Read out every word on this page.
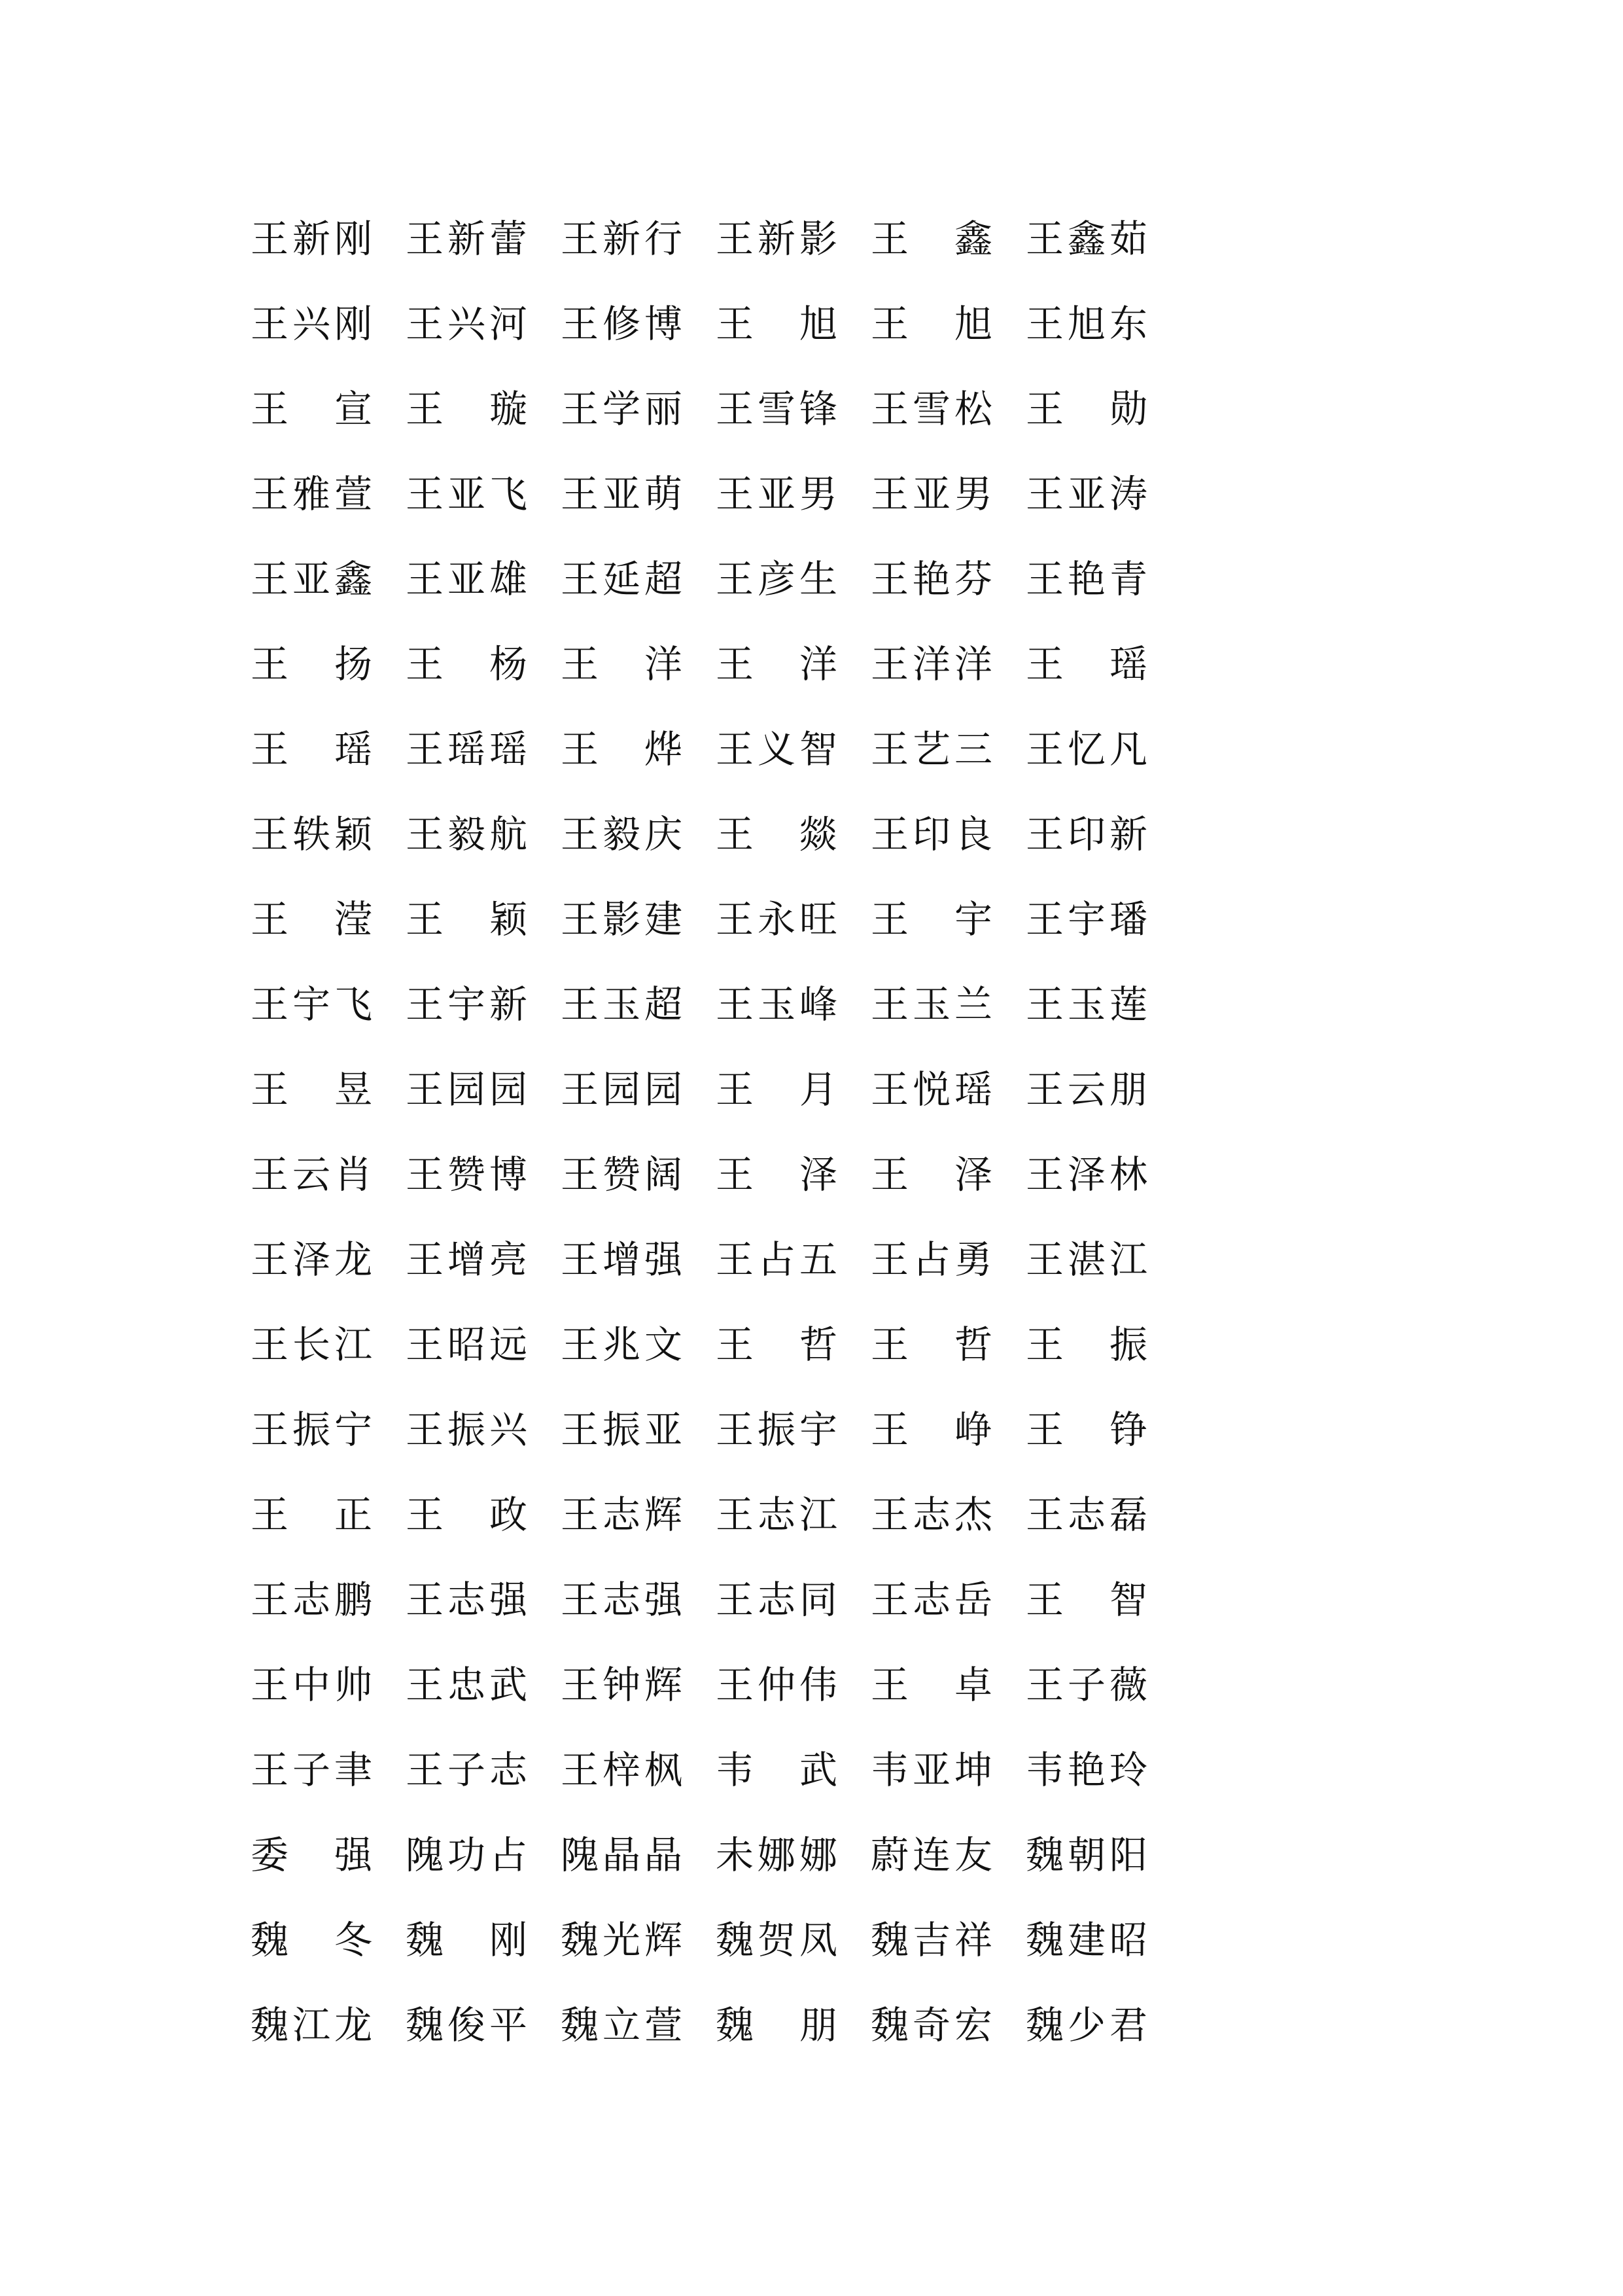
王 新 刚 王 新 蕾 王 新 行 王 新 影 王
鑫 王 鑫 茹
王 兴 刚 王 兴 河 王 修 博 王
旭 王
旭 王 旭 东
王
宣 王
璇 王 学 丽 王 雪 锋 王 雪 松 王
勋
王 雅 萱 王 亚 飞 王 亚 萌 王 亚 男 王 亚 男 王 亚 涛
王 亚 鑫 王 亚 雄 王 延 超 王 彦 生 王 艳 芬 王 艳 青
王
扬 王
杨 王
洋 王
洋 王 洋 洋 王
瑶
王
瑶 王 瑶 瑶 王
烨 王 义 智 王 艺 三 王 忆 凡
王 轶 颖 王 毅 航 王 毅 庆 王
燚 王 印 良 王 印 新
王
滢 王
颖 王 影 建 王 永 旺 王
宇 王 宇 璠
王 宇 飞 王 宇 新 王 玉 超 王 玉 峰 王 玉 兰 王 玉 莲
王
昱 王 园 园 王 园 园 王
月 王 悦 瑶 王 云 朋
王 云 肖 王 赞 博 王 赞 阔 王
泽 王
泽 王 泽 林
王 泽 龙 王 增 亮 王 增 强 王 占 五 王 占 勇 王 湛 江
王 长 江 王 昭 远 王 兆 文 王
哲 王
哲 王
振
王 振 宁 王 振 兴 王 振 亚 王 振 宇 王
峥 王
铮
王
正 王
政 王 志 辉 王 志 江 王 志 杰 王 志 磊
王 志 鹏 王 志 强 王 志 强 王 志 同 王 志 岳 王
智
王 中 帅 王 忠 武 王 钟 辉 王 仲 伟 王
卓 王 子 薇
王 子 聿 王 子 志 王 梓 枫 韦
武 韦 亚 坤 韦 艳 玲
委
强 隗 功 占 隗 晶 晶 未 娜 娜 蔚 连 友 魏 朝 阳
魏
冬 魏
刚 魏 光 辉 魏 贺 凤 魏 吉 祥 魏 建 昭
魏 江 龙 魏 俊 平 魏 立 萱 魏
朋 魏 奇 宏 魏 少 君
